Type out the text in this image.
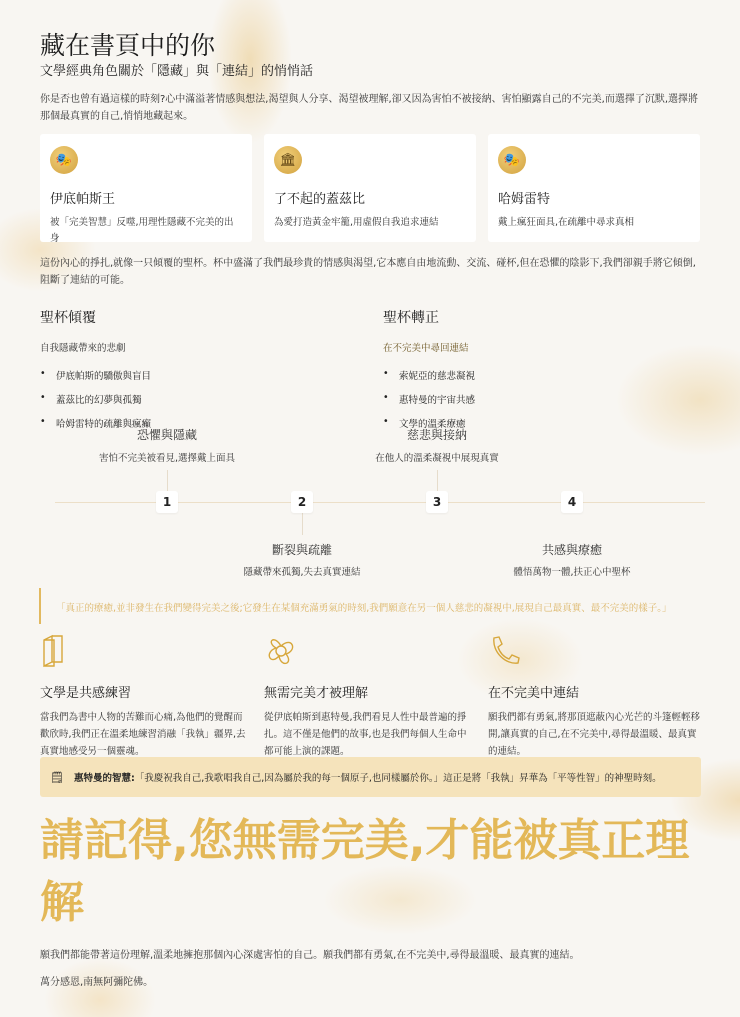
藏在書頁中的你
文學經典角色關於「隱藏」與「連結」的悄悄話

你是否也曾有過這樣的時刻?心中滿溢著情感與想法,渴望與人分享、渴望被理解,卻又因為害怕不被接納、害怕顯露自己的不完美,而選擇了沉默,選擇將那個最真實的自己,悄悄地藏起來。

🎭
伊底帕斯王

被「完美智慧」反噬,用理性隱藏不完美的出身

🏛
了不起的蓋茲比

為愛打造黃金牢籠,用虛假自我追求連結

🎭
哈姆雷特

戴上瘋狂面具,在疏離中尋求真相

這份內心的掙扎,就像一只傾覆的聖杯。杯中盛滿了我們最珍貴的情感與渴望,它本應自由地流動、交流、碰杯,但在恐懼的陰影下,我們卻親手將它傾倒,阻斷了連結的可能。

聖杯傾覆
自我隱藏帶來的悲劇
• 伊底帕斯的驕傲與盲目
• 蓋茲比的幻夢與孤獨
• 哈姆雷特的疏離與瘋癲
聖杯轉正
在不完美中尋回連結
• 索妮亞的慈悲凝視
• 惠特曼的宇宙共感
• 文學的溫柔療癒
恐懼與隱藏
害怕不完美被看見,選擇戴上面具
慈悲與接納
在他人的溫柔凝視中展現真實
斷裂與疏離
隱藏帶來孤獨,失去真實連結
共感與療癒
體悟萬物一體,扶正心中聖杯
1	2	3	4
「真正的療癒,並非發生在我們變得完美之後;它發生在某個充滿勇氣的時刻,我們願意在另一個人慈悲的凝視中,展現自己最真實、最不完美的樣子。」
文學是共感練習

當我們為書中人物的苦難而心痛,為他們的覺醒而歡欣時,我們正在溫柔地練習消融「我執」疆界,去真實地感受另一個靈魂。

無需完美才被理解

從伊底帕斯到惠特曼,我們看見人性中最普遍的掙扎。這不僅是他們的故事,也是我們每個人生命中都可能上演的課題。

在不完美中連結

願我們都有勇氣,將那頂遮蔽內心光芒的斗篷輕輕移開,讓真實的自己,在不完美中,尋得最溫暖、最真實的連結。

🗒 惠特曼的智慧: 「我慶祝我自己,我歌唱我自己,因為屬於我的每一個原子,也同樣屬於你。」這正是將「我執」昇華為「平等性智」的神聖時刻。
請記得,您無需完美,才能被真正理解

願我們都能帶著這份理解,溫柔地擁抱那個內心深處害怕的自己。願我們都有勇氣,在不完美中,尋得最溫暖、最真實的連結。

萬分感恩,南無阿彌陀佛。
